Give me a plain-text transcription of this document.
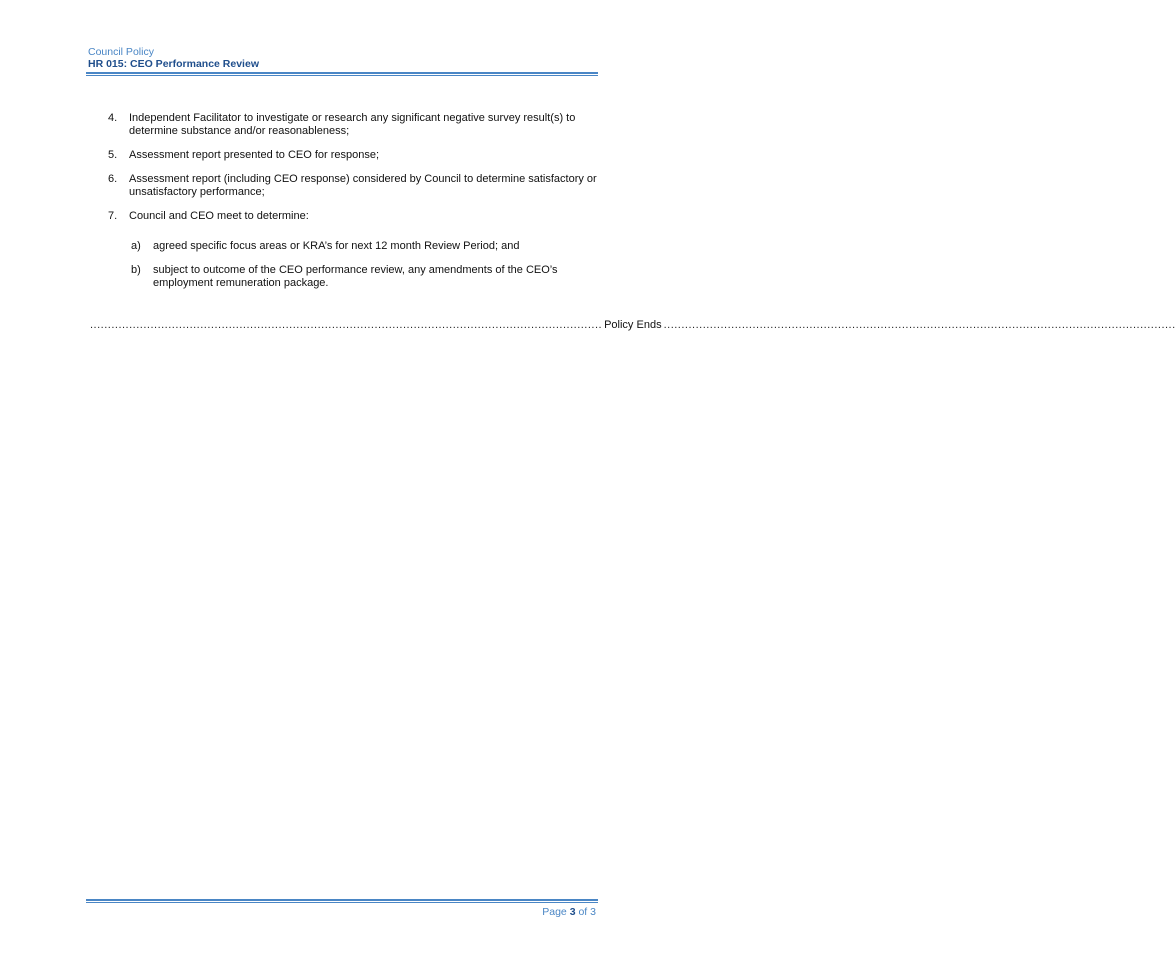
Council Policy
HR 015: CEO Performance Review
4.	Independent Facilitator to investigate or research any significant negative survey result(s) to determine substance and/or reasonableness;
5.	Assessment report presented to CEO for response;
6.	Assessment report (including CEO response) considered by Council to determine satisfactory or unsatisfactory performance;
7.	Council and CEO meet to determine:
a)	agreed specific focus areas or KRA’s for next 12 month Review Period; and
b)	subject to outcome of the CEO performance review, any amendments of the CEO’s employment remuneration package.
................................................................................................................................................ Policy Ends ................................................................................................................................................
Page 3 of 3
